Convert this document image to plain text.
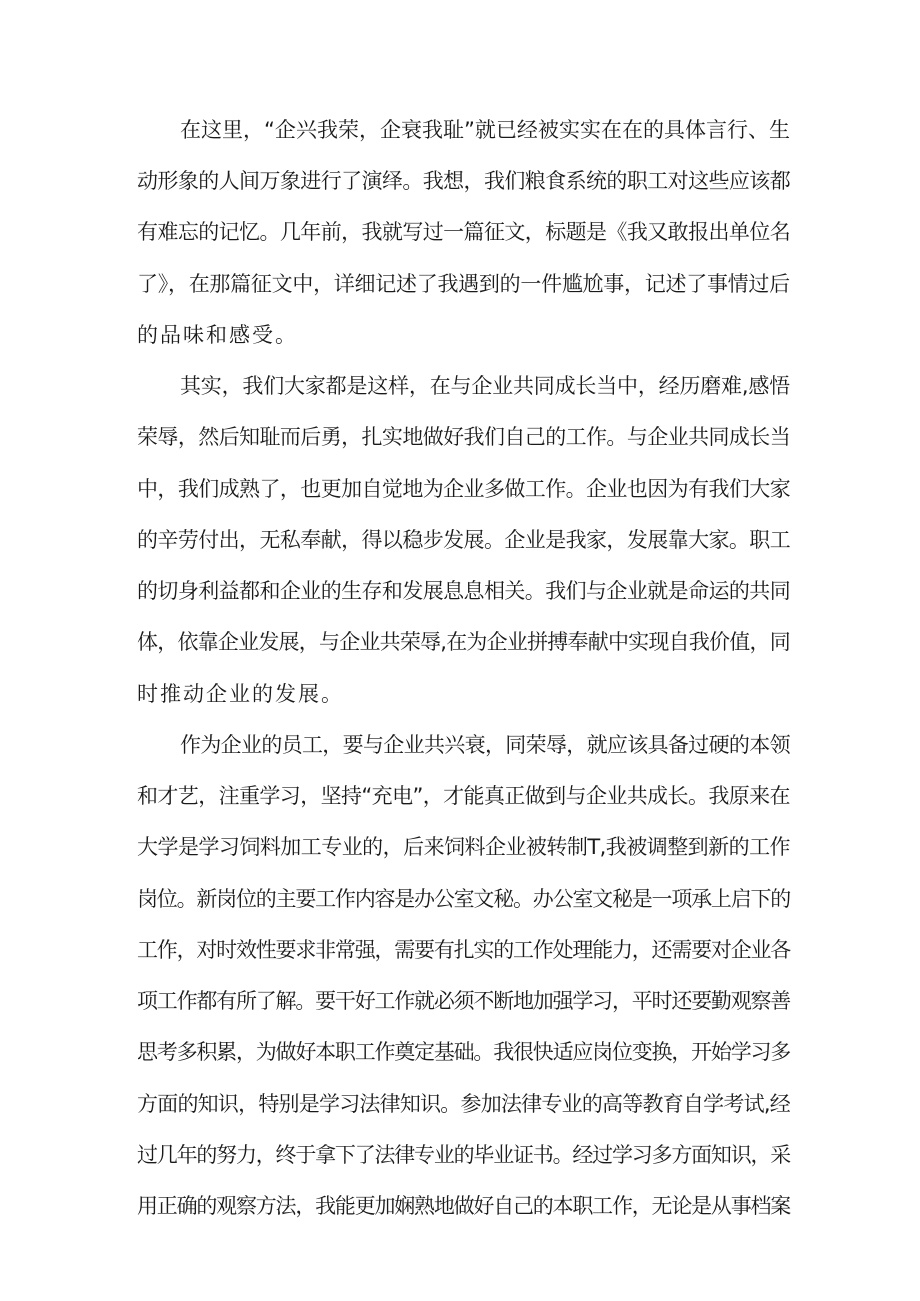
在这里，“企兴我荣，企衰我耻”就已经被实实在在的具体言行、生
动形象的人间万象进行了演绎。我想，我们粮食系统的职工对这些应该都
有难忘的记忆。几年前，我就写过一篇征文，标题是《我又敢报出单位名
了》，在那篇征文中，详细记述了我遇到的一件尴尬事，记述了事情过后
的品味和感受。
其实，我们大家都是这样，在与企业共同成长当中，经历磨难,感悟
荣辱，然后知耻而后勇，扎实地做好我们自己的工作。与企业共同成长当
中，我们成熟了，也更加自觉地为企业多做工作。企业也因为有我们大家
的辛劳付出，无私奉献，得以稳步发展。企业是我家，发展靠大家。职工
的切身利益都和企业的生存和发展息息相关。我们与企业就是命运的共同
体，依靠企业发展，与企业共荣辱,在为企业拼搏奉献中实现自我价值，同
时推动企业的发展。
作为企业的员工，要与企业共兴衰，同荣辱，就应该具备过硬的本领
和才艺，注重学习，坚持“充电”，才能真正做到与企业共成长。我原来在
大学是学习饲料加工专业的，后来饲料企业被转制T,我被调整到新的工作
岗位。新岗位的主要工作内容是办公室文秘。办公室文秘是一项承上启下的
工作，对时效性要求非常强，需要有扎实的工作处理能力，还需要对企业各
项工作都有所了解。要干好工作就必须不断地加强学习，平时还要勤观察善
思考多积累，为做好本职工作奠定基础。我很快适应岗位变换，开始学习多
方面的知识，特别是学习法律知识。参加法律专业的高等教育自学考试,经
过几年的努力，终于拿下了法律专业的毕业证书。经过学习多方面知识，采
用正确的观察方法，我能更加娴熟地做好自己的本职工作，无论是从事档案
